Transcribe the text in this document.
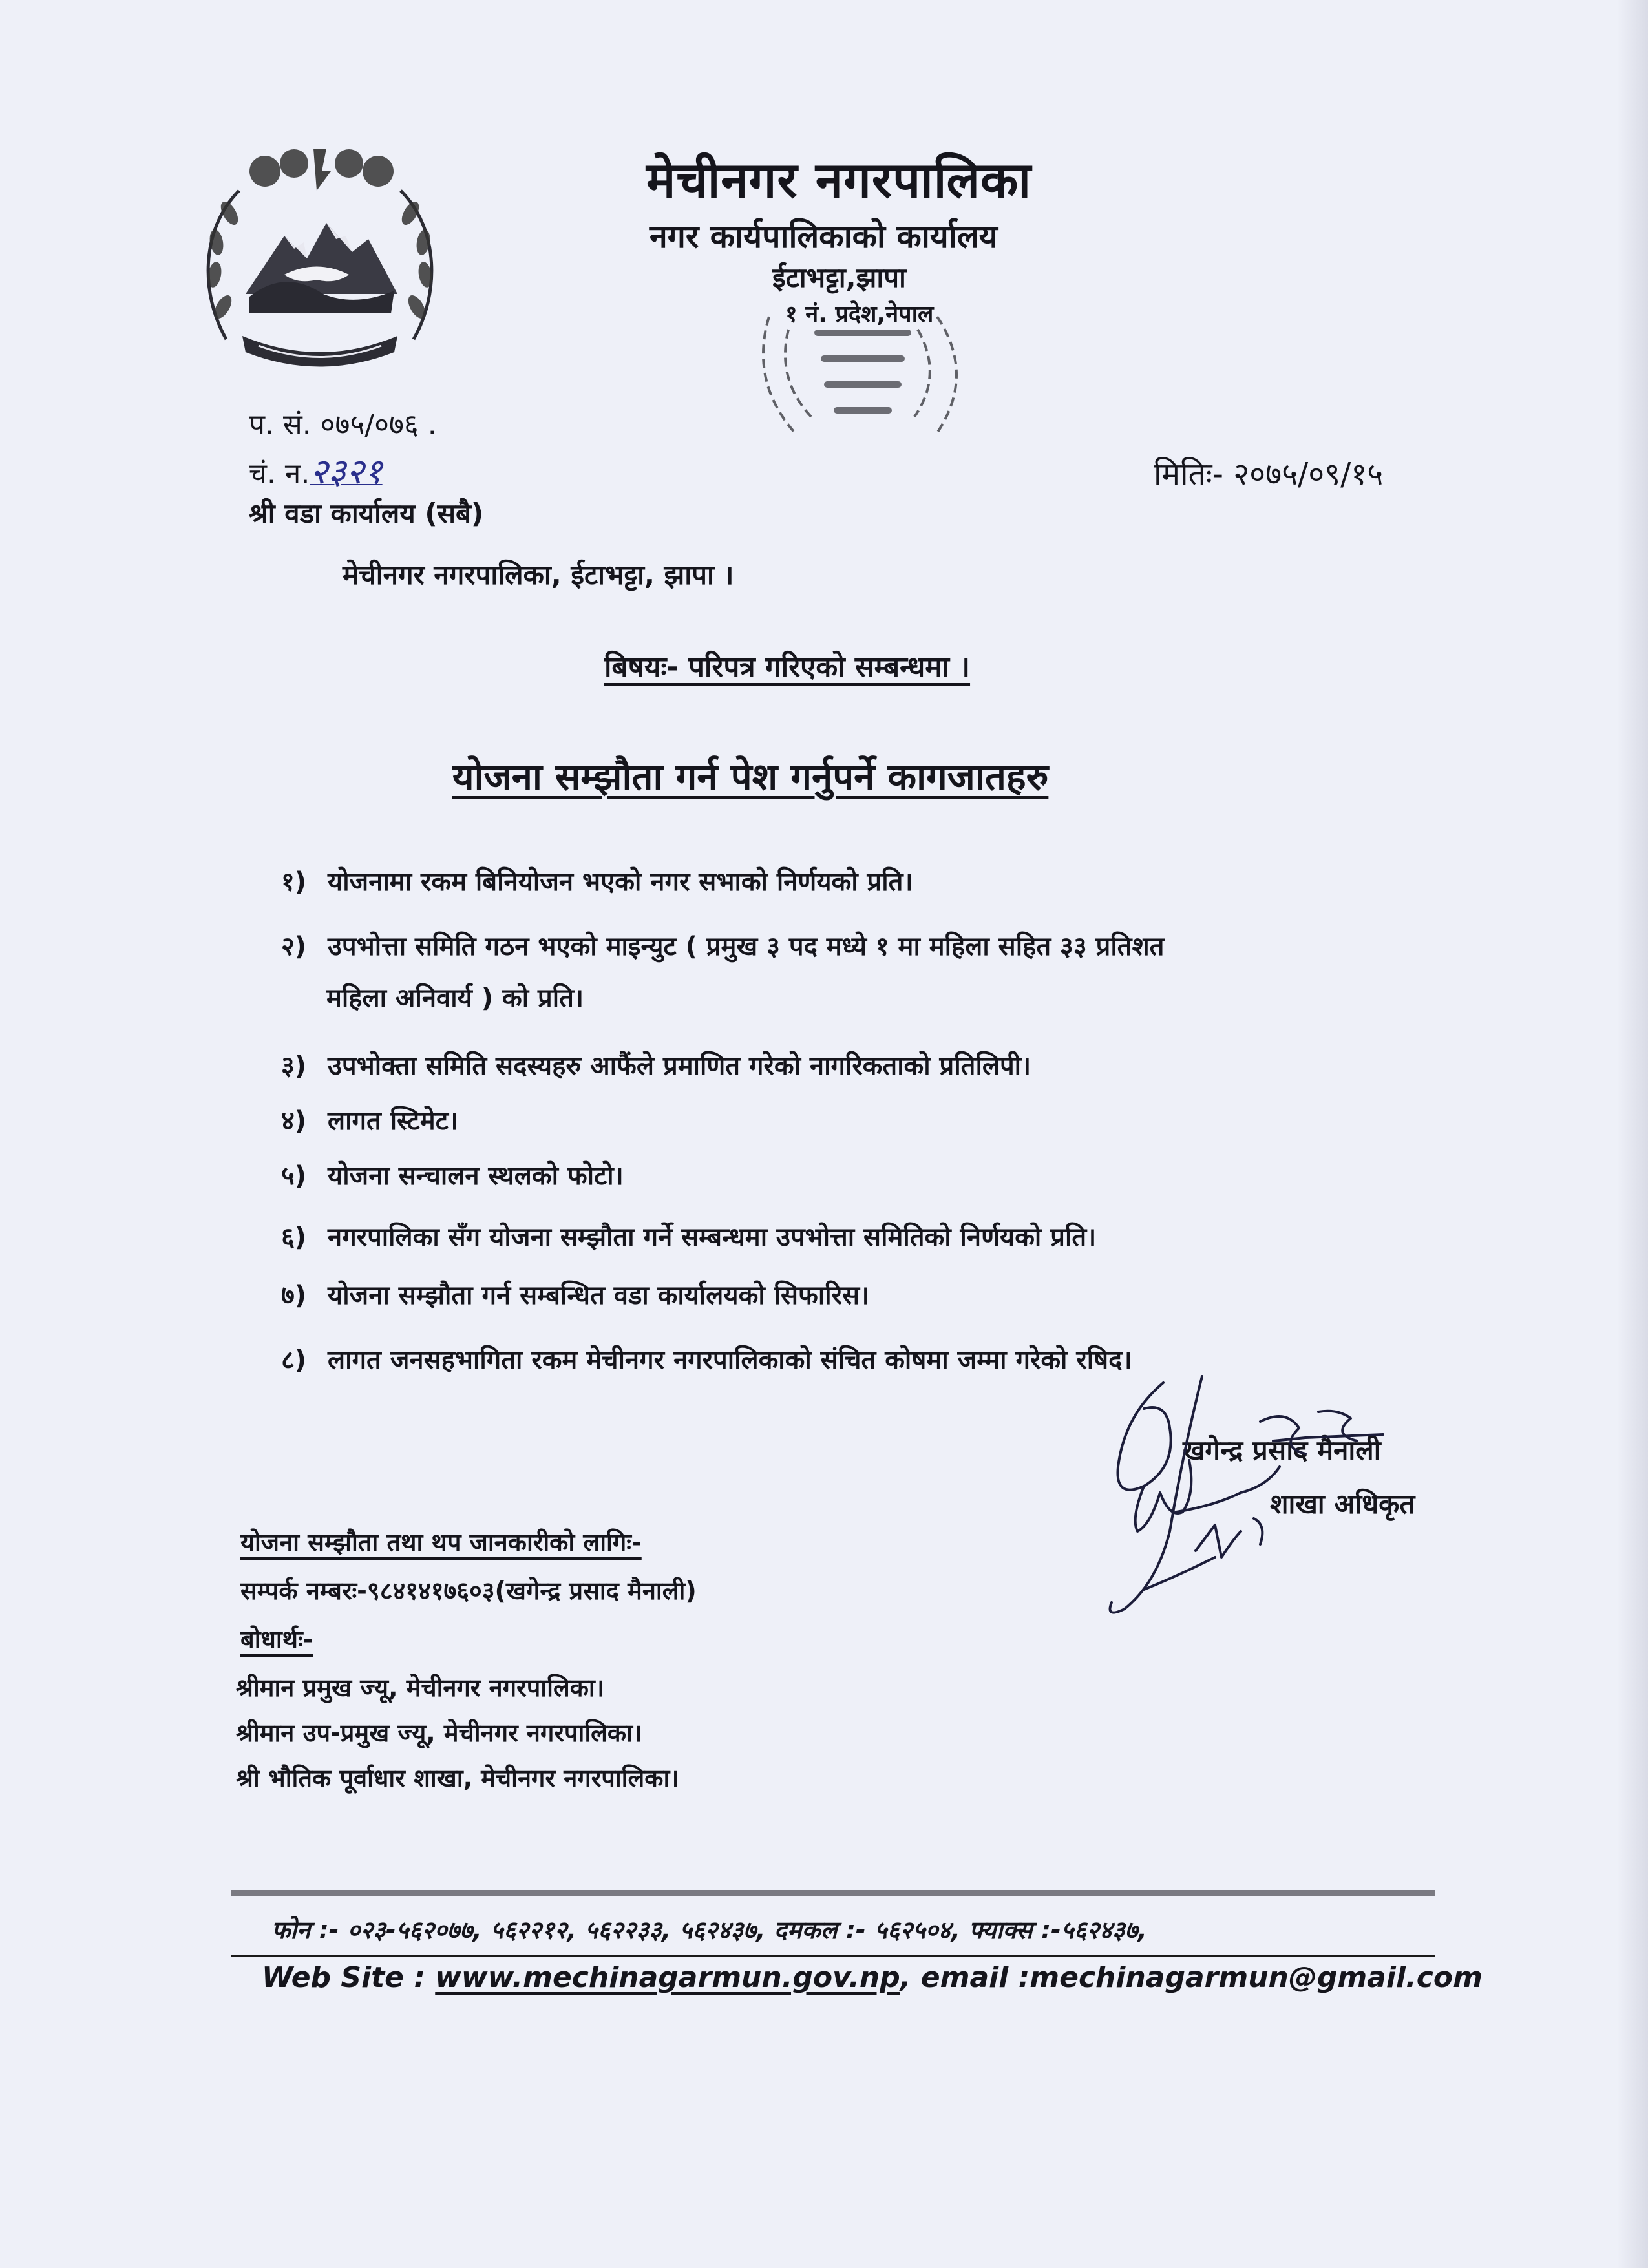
मेचीनगर नगरपालिका
नगर कार्यपालिकाको कार्यालय
ईटाभट्टा,झापा
१ नं. प्रदेश,नेपाल
प. सं. ०७५/०७६ .
चं. न.२३२१	मितिः- २०७५/०९/१५
श्री वडा कार्यालय (सबै)
मेचीनगर नगरपालिका, ईटाभट्टा, झापा ।
बिषयः- परिपत्र गरिएको सम्बन्धमा ।
योजना सम्झौता गर्न पेश गर्नुपर्ने कागजातहरु
१) योजनामा रकम बिनियोजन भएको नगर सभाको निर्णयको प्रति।
२) उपभोत्ता समिति गठन भएको माइन्युट ( प्रमुख ३ पद मध्ये १ मा महिला सहित ३३ प्रतिशत
महिला अनिवार्य ) को प्रति।
३) उपभोक्ता समिति सदस्यहरु आफैंले प्रमाणित गरेको नागरिकताको प्रतिलिपी।
४) लागत स्टिमेट।
५) योजना सन्चालन स्थलको फोटो।
६) नगरपालिका सँग योजना सम्झौता गर्ने सम्बन्धमा उपभोत्ता समितिको निर्णयको प्रति।
७) योजना सम्झौता गर्न सम्बन्धित वडा कार्यालयको सिफारिस।
८) लागत जनसहभागिता रकम मेचीनगर नगरपालिकाको संचित कोषमा जम्मा गरेको रषिद।
खगेन्द्र प्रसाद मैनाली
शाखा अधिकृत
योजना सम्झौता तथा थप जानकारीको लागिः-
सम्पर्क नम्बरः-९८४१४१७६०३(खगेन्द्र प्रसाद मैनाली)
बोधार्थः-
श्रीमान प्रमुख ज्यू, मेचीनगर नगरपालिका।
श्रीमान उप-प्रमुख ज्यू, मेचीनगर नगरपालिका।
श्री भौतिक पूर्वाधार शाखा, मेचीनगर नगरपालिका।
फोन :- ०२३-५६२०७७, ५६२२१२, ५६२२३३, ५६२४३७, दमकल :- ५६२५०४, फ्याक्स :-५६२४३७,
Web Site : www.mechinagarmun.gov.np, email :mechinagarmun@gmail.com
